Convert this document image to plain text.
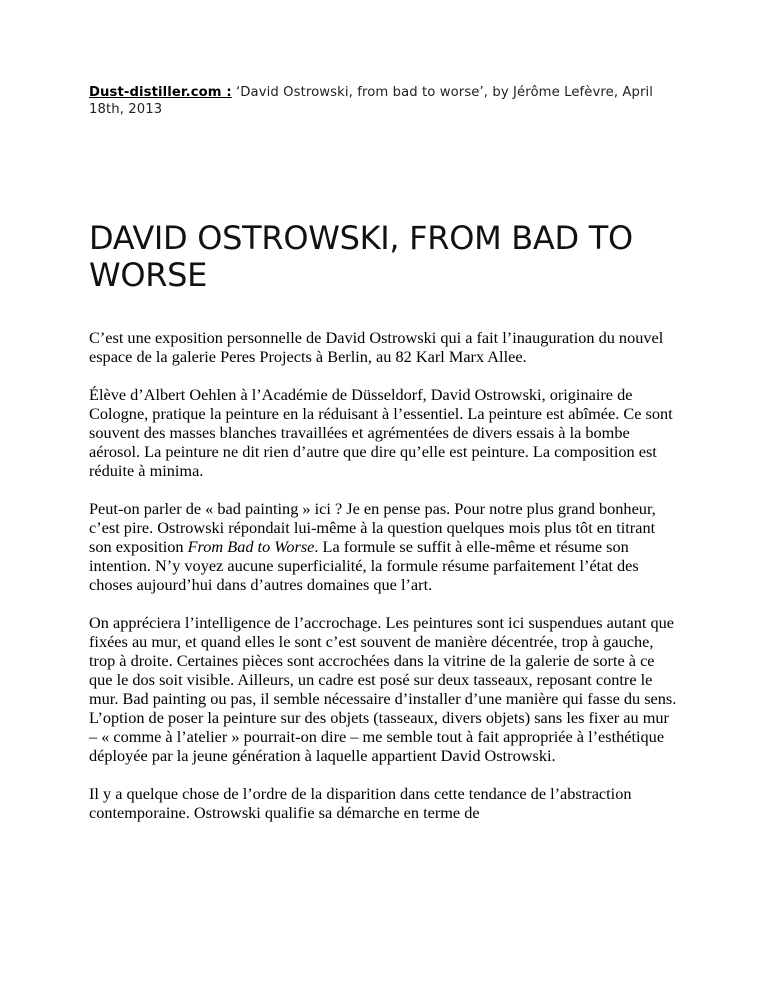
Dust-distiller.com : ‘David Ostrowski, from bad to worse’, by Jérôme Lefèvre, April 18th, 2013
DAVID OSTROWSKI, FROM BAD TO WORSE

C’est une exposition personnelle de David Ostrowski qui a fait l’inauguration du nouvel espace de la galerie Peres Projects à Berlin, au 82 Karl Marx Allee.

Élève d’Albert Oehlen à l’Académie de Düsseldorf, David Ostrowski, originaire de Cologne, pratique la peinture en la réduisant à l’essentiel. La peinture est abîmée. Ce sont souvent des masses blanches travaillées et agrémentées de divers essais à la bombe aérosol. La peinture ne dit rien d’autre que dire qu’elle est peinture. La composition est réduite à minima.

Peut-on parler de « bad painting » ici ? Je en pense pas. Pour notre plus grand bonheur, c’est pire. Ostrowski répondait lui-même à la question quelques mois plus tôt en titrant son exposition From Bad to Worse. La formule se suffit à elle-même et résume son intention. N’y voyez aucune superficialité, la formule résume parfaitement l’état des choses aujourd’hui dans d’autres domaines que l’art.

On appréciera l’intelligence de l’accrochage. Les peintures sont ici suspendues autant que fixées au mur, et quand elles le sont c’est souvent de manière décentrée, trop à gauche, trop à droite. Certaines pièces sont accrochées dans la vitrine de la galerie de sorte à ce que le dos soit visible. Ailleurs, un cadre est posé sur deux tasseaux, reposant contre le mur. Bad painting ou pas, il semble nécessaire d’installer d’une manière qui fasse du sens. L’option de poser la peinture sur des objets (tasseaux, divers objets) sans les fixer au mur – « comme à l’atelier » pourrait-on dire – me semble tout à fait appropriée à l’esthétique déployée par la jeune génération à laquelle appartient David Ostrowski.

Il y a quelque chose de l’ordre de la disparition dans cette tendance de l’abstraction contemporaine. Ostrowski qualifie sa démarche en terme de
